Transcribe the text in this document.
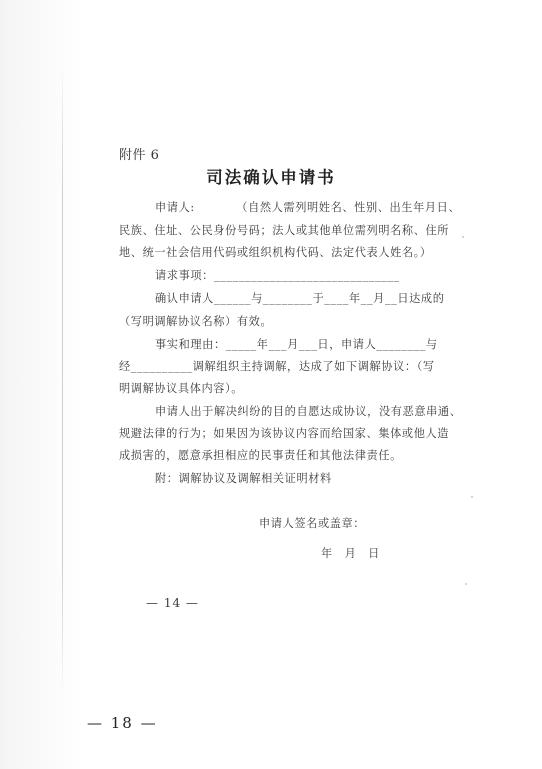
附件 6
司法确认申请书
申请人:　　　　（自然人需列明姓名、性别、出生年月日、
民族、住址、公民身份号码；法人或其他单位需列明名称、住所
地、统一社会信用代码或组织机构代码、法定代表人姓名。）
请求事项：______________________________
确认申请人______与________于____年__月__日达成的
（写明调解协议名称）有效。
事实和理由：_____年___月___日，申请人________与
经__________调解组织主持调解，达成了如下调解协议：（写
明调解协议具体内容）。
申请人出于解决纠纷的目的自愿达成协议，没有恶意串通、
规避法律的行为；如果因为该协议内容而给国家、集体或他人造
成损害的，愿意承担相应的民事责任和其他法律责任。
附：调解协议及调解相关证明材料
申请人签名或盖章：
年　月　日
— 14 —
— 18 —
